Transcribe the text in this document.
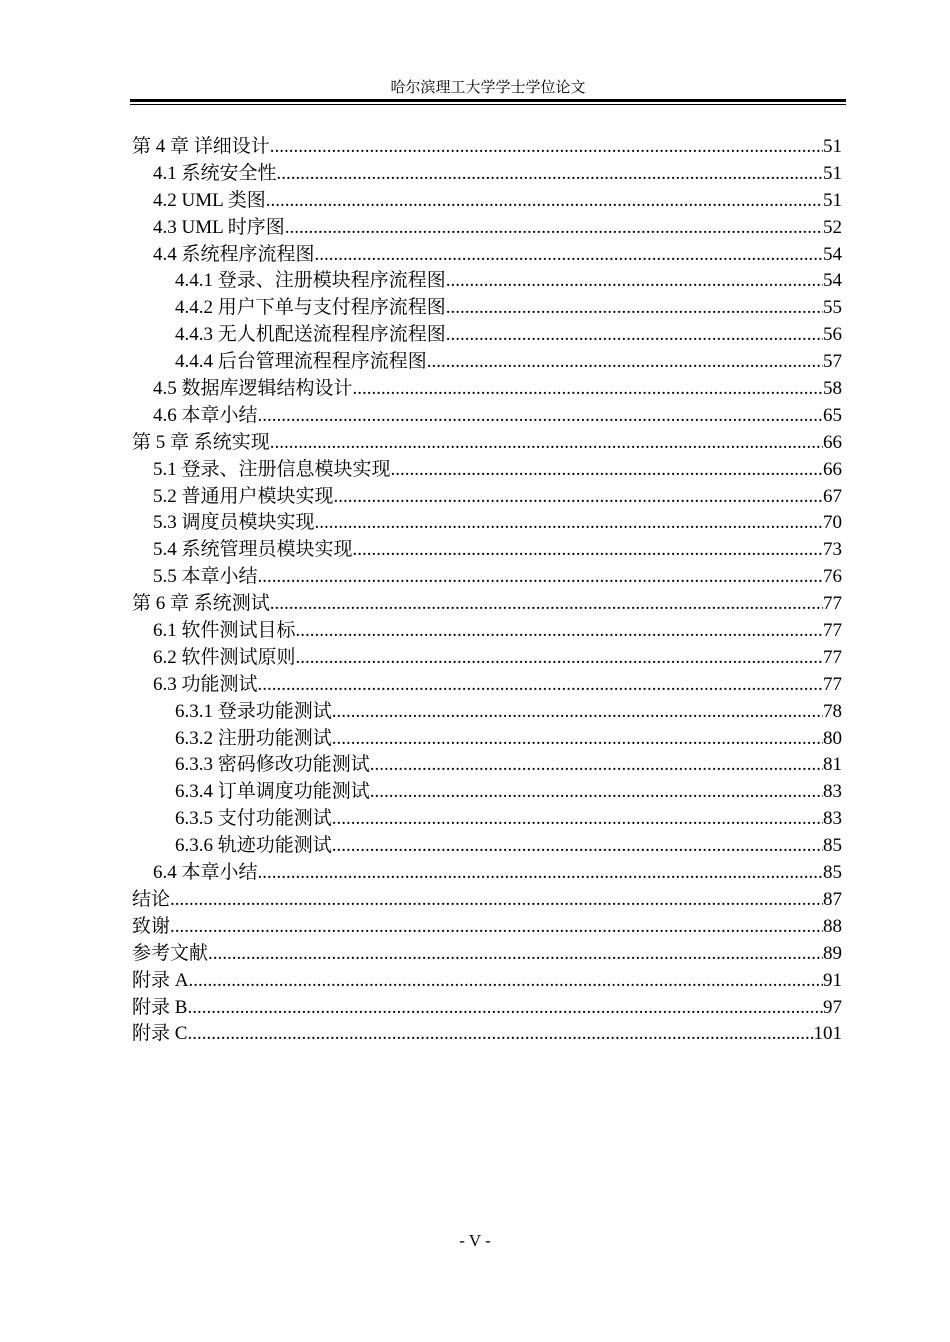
哈尔滨理工大学学士学位论文
第 4 章 详细设计 .....	51
4.1 系统安全性 .....	51
4.2 UML 类图 .....	51
4.3 UML 时序图 .....	52
4.4 系统程序流程图 .....	54
4.4.1 登录、注册模块程序流程图 .....	54
4.4.2 用户下单与支付程序流程图 .....	55
4.4.3 无人机配送流程程序流程图 .....	56
4.4.4 后台管理流程程序流程图 .....	57
4.5 数据库逻辑结构设计 .....	58
4.6 本章小结 .....	65
第 5 章 系统实现 .....	66
5.1 登录、注册信息模块实现 .....	66
5.2 普通用户模块实现 .....	67
5.3 调度员模块实现 .....	70
5.4 系统管理员模块实现 .....	73
5.5 本章小结 .....	76
第 6 章 系统测试 .....	77
6.1 软件测试目标 .....	77
6.2 软件测试原则 .....	77
6.3 功能测试 .....	77
6.3.1 登录功能测试 .....	78
6.3.2 注册功能测试 .....	80
6.3.3 密码修改功能测试 .....	81
6.3.4 订单调度功能测试 .....	83
6.3.5 支付功能测试 .....	83
6.3.6 轨迹功能测试 .....	85
6.4 本章小结 .....	85
结论 .....	87
致谢 .....	88
参考文献 .....	89
附录 A .....	91
附录 B .....	97
附录 C .....	101
- V -
